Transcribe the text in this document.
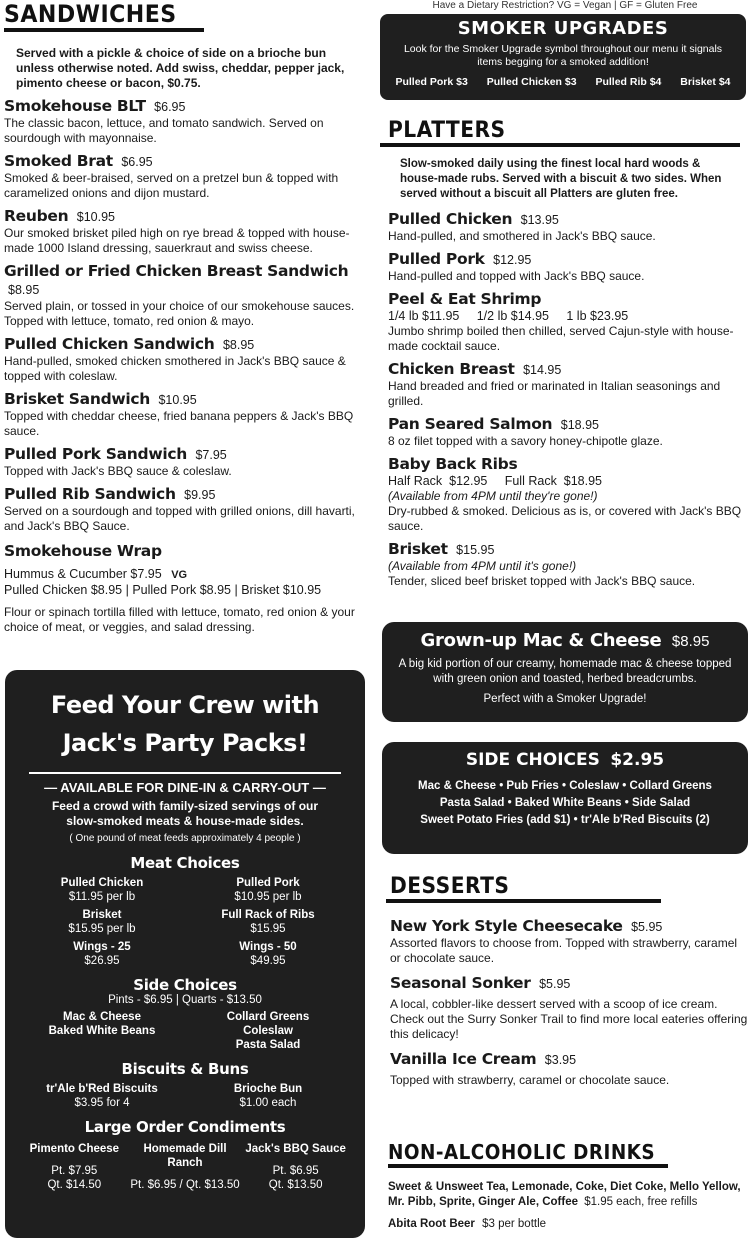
SANDWICHES
Served with a pickle & choice of side on a brioche bun unless otherwise noted. Add swiss, cheddar, pepper jack, pimento cheese or bacon, $0.75.
Smokehouse BLT $6.95
The classic bacon, lettuce, and tomato sandwich. Served on sourdough with mayonnaise.
Smoked Brat $6.95
Smoked & beer-braised, served on a pretzel bun & topped with caramelized onions and dijon mustard.
Reuben $10.95
Our smoked brisket piled high on rye bread & topped with house-made 1000 Island dressing, sauerkraut and swiss cheese.
Grilled or Fried Chicken Breast Sandwich $8.95
Served plain, or tossed in your choice of our smokehouse sauces. Topped with lettuce, tomato, red onion & mayo.
Pulled Chicken Sandwich $8.95
Hand-pulled, smoked chicken smothered in Jack's BBQ sauce & topped with coleslaw.
Brisket Sandwich $10.95
Topped with cheddar cheese, fried banana peppers & Jack's BBQ sauce.
Pulled Pork Sandwich $7.95
Topped with Jack's BBQ sauce & coleslaw.
Pulled Rib Sandwich $9.95
Served on a sourdough and topped with grilled onions, dill havarti, and Jack's BBQ Sauce.
Smokehouse Wrap
Hummus & Cucumber $7.95 VG
Pulled Chicken $8.95 | Pulled Pork $8.95 | Brisket $10.95
Flour or spinach tortilla filled with lettuce, tomato, red onion & your choice of meat, or veggies, and salad dressing.
Feed Your Crew with
Jack's Party Packs!
— AVAILABLE FOR DINE-IN & CARRY-OUT —
Feed a crowd with family-sized servings of our slow-smoked meats & house-made sides.
( One pound of meat feeds approximately 4 people )
Meat Choices
Pulled Chicken
$11.95 per lb
Pulled Pork
$10.95 per lb
Brisket
$15.95 per lb
Full Rack of Ribs
$15.95
Wings - 25
$26.95
Wings - 50
$49.95
Side Choices
Pints - $6.95 | Quarts - $13.50
Mac & Cheese
Baked White Beans
Collard Greens
Coleslaw
Pasta Salad
Biscuits & Buns
tr'Ale b'Red Biscuits
$3.95 for 4
Brioche Bun
$1.00 each
Large Order Condiments
Pimento Cheese
Pt. $7.95
Qt. $14.50
Homemade Dill Ranch
Pt. $6.95 / Qt. $13.50
Jack's BBQ Sauce
Pt. $6.95
Qt. $13.50
Have a Dietary Restriction? VG = Vegan | GF = Gluten Free
SMOKER UPGRADES
Look for the Smoker Upgrade symbol throughout our menu it signals items begging for a smoked addition!
Pulled Pork $3 Pulled Chicken $3 Pulled Rib $4 Brisket $4
PLATTERS
Slow-smoked daily using the finest local hard woods & house-made rubs. Served with a biscuit & two sides. When served without a biscuit all Platters are gluten free.
Pulled Chicken $13.95
Hand-pulled, and smothered in Jack's BBQ sauce.
Pulled Pork $12.95
Hand-pulled and topped with Jack's BBQ sauce.
Peel & Eat Shrimp
1/4 lb $11.95     1/2 lb $14.95     1 lb $23.95
Jumbo shrimp boiled then chilled, served Cajun-style with house-made cocktail sauce.
Chicken Breast $14.95
Hand breaded and fried or marinated in Italian seasonings and grilled.
Pan Seared Salmon $18.95
8 oz filet topped with a savory honey-chipotle glaze.
Baby Back Ribs
Half Rack  $12.95     Full Rack  $18.95
(Available from 4PM until they're gone!)
Dry-rubbed & smoked. Delicious as is, or covered with Jack's BBQ sauce.
Brisket $15.95
(Available from 4PM until it's gone!)
Tender, sliced beef brisket topped with Jack's BBQ sauce.
Grown-up Mac & Cheese $8.95
A big kid portion of our creamy, homemade mac & cheese topped with green onion and toasted, herbed breadcrumbs.
Perfect with a Smoker Upgrade!
SIDE CHOICES $2.95
Mac & Cheese • Pub Fries • Coleslaw • Collard Greens
Pasta Salad • Baked White Beans • Side Salad
Sweet Potato Fries (add $1) • tr'Ale b'Red Biscuits (2)
DESSERTS
New York Style Cheesecake $5.95
Assorted flavors to choose from. Topped with strawberry, caramel or chocolate sauce.
Seasonal Sonker $5.95
A local, cobbler-like dessert served with a scoop of ice cream. Check out the Surry Sonker Trail to find more local eateries offering this delicacy!
Vanilla Ice Cream $3.95
Topped with strawberry, caramel or chocolate sauce.
NON-ALCOHOLIC DRINKS
Sweet & Unsweet Tea, Lemonade, Coke, Diet Coke, Mello Yellow, Mr. Pibb, Sprite, Ginger Ale, Coffee $1.95 each, free refills
Abita Root Beer $3 per bottle
